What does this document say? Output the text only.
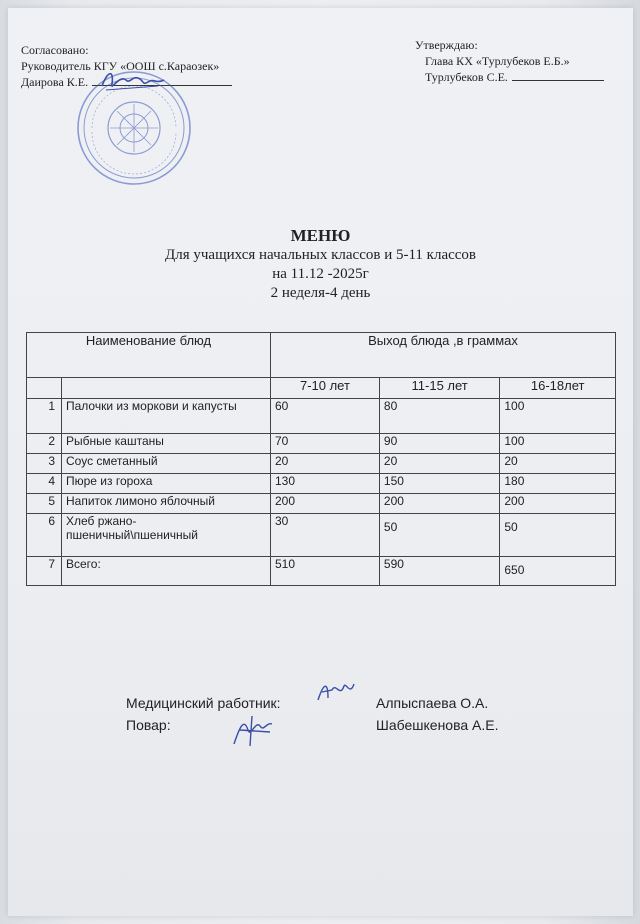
Согласовано:
Руководитель КГУ «ООШ с.Караозек»
Даирова К.Е.
Утверждаю:
Глава КХ «Турлубеков Е.Б.»
Турлубеков С.Е.
МЕНЮ
Для учащихся начальных классов и 5-11 классов
на 11.12 -2025г
2 неделя-4 день
Наименование блюд		Выход блюда ,в граммах		
		7-10 лет	11-15 лет	16-18лет
1	Палочки из моркови и капусты	60	80	100
2	Рыбные каштаны	70	90	100
3	Соус сметанный	20	20	20
4	Пюре из гороха	130	150	180
5	Напиток лимоно яблочный	200	200	200
6	Хлеб ржано-пшеничный\пшеничный	30	50	50
7	Всего:	510	590	650
Медицинский работник:	Алпыспаева О.А.
Повар:	Шабешкенова А.Е.
